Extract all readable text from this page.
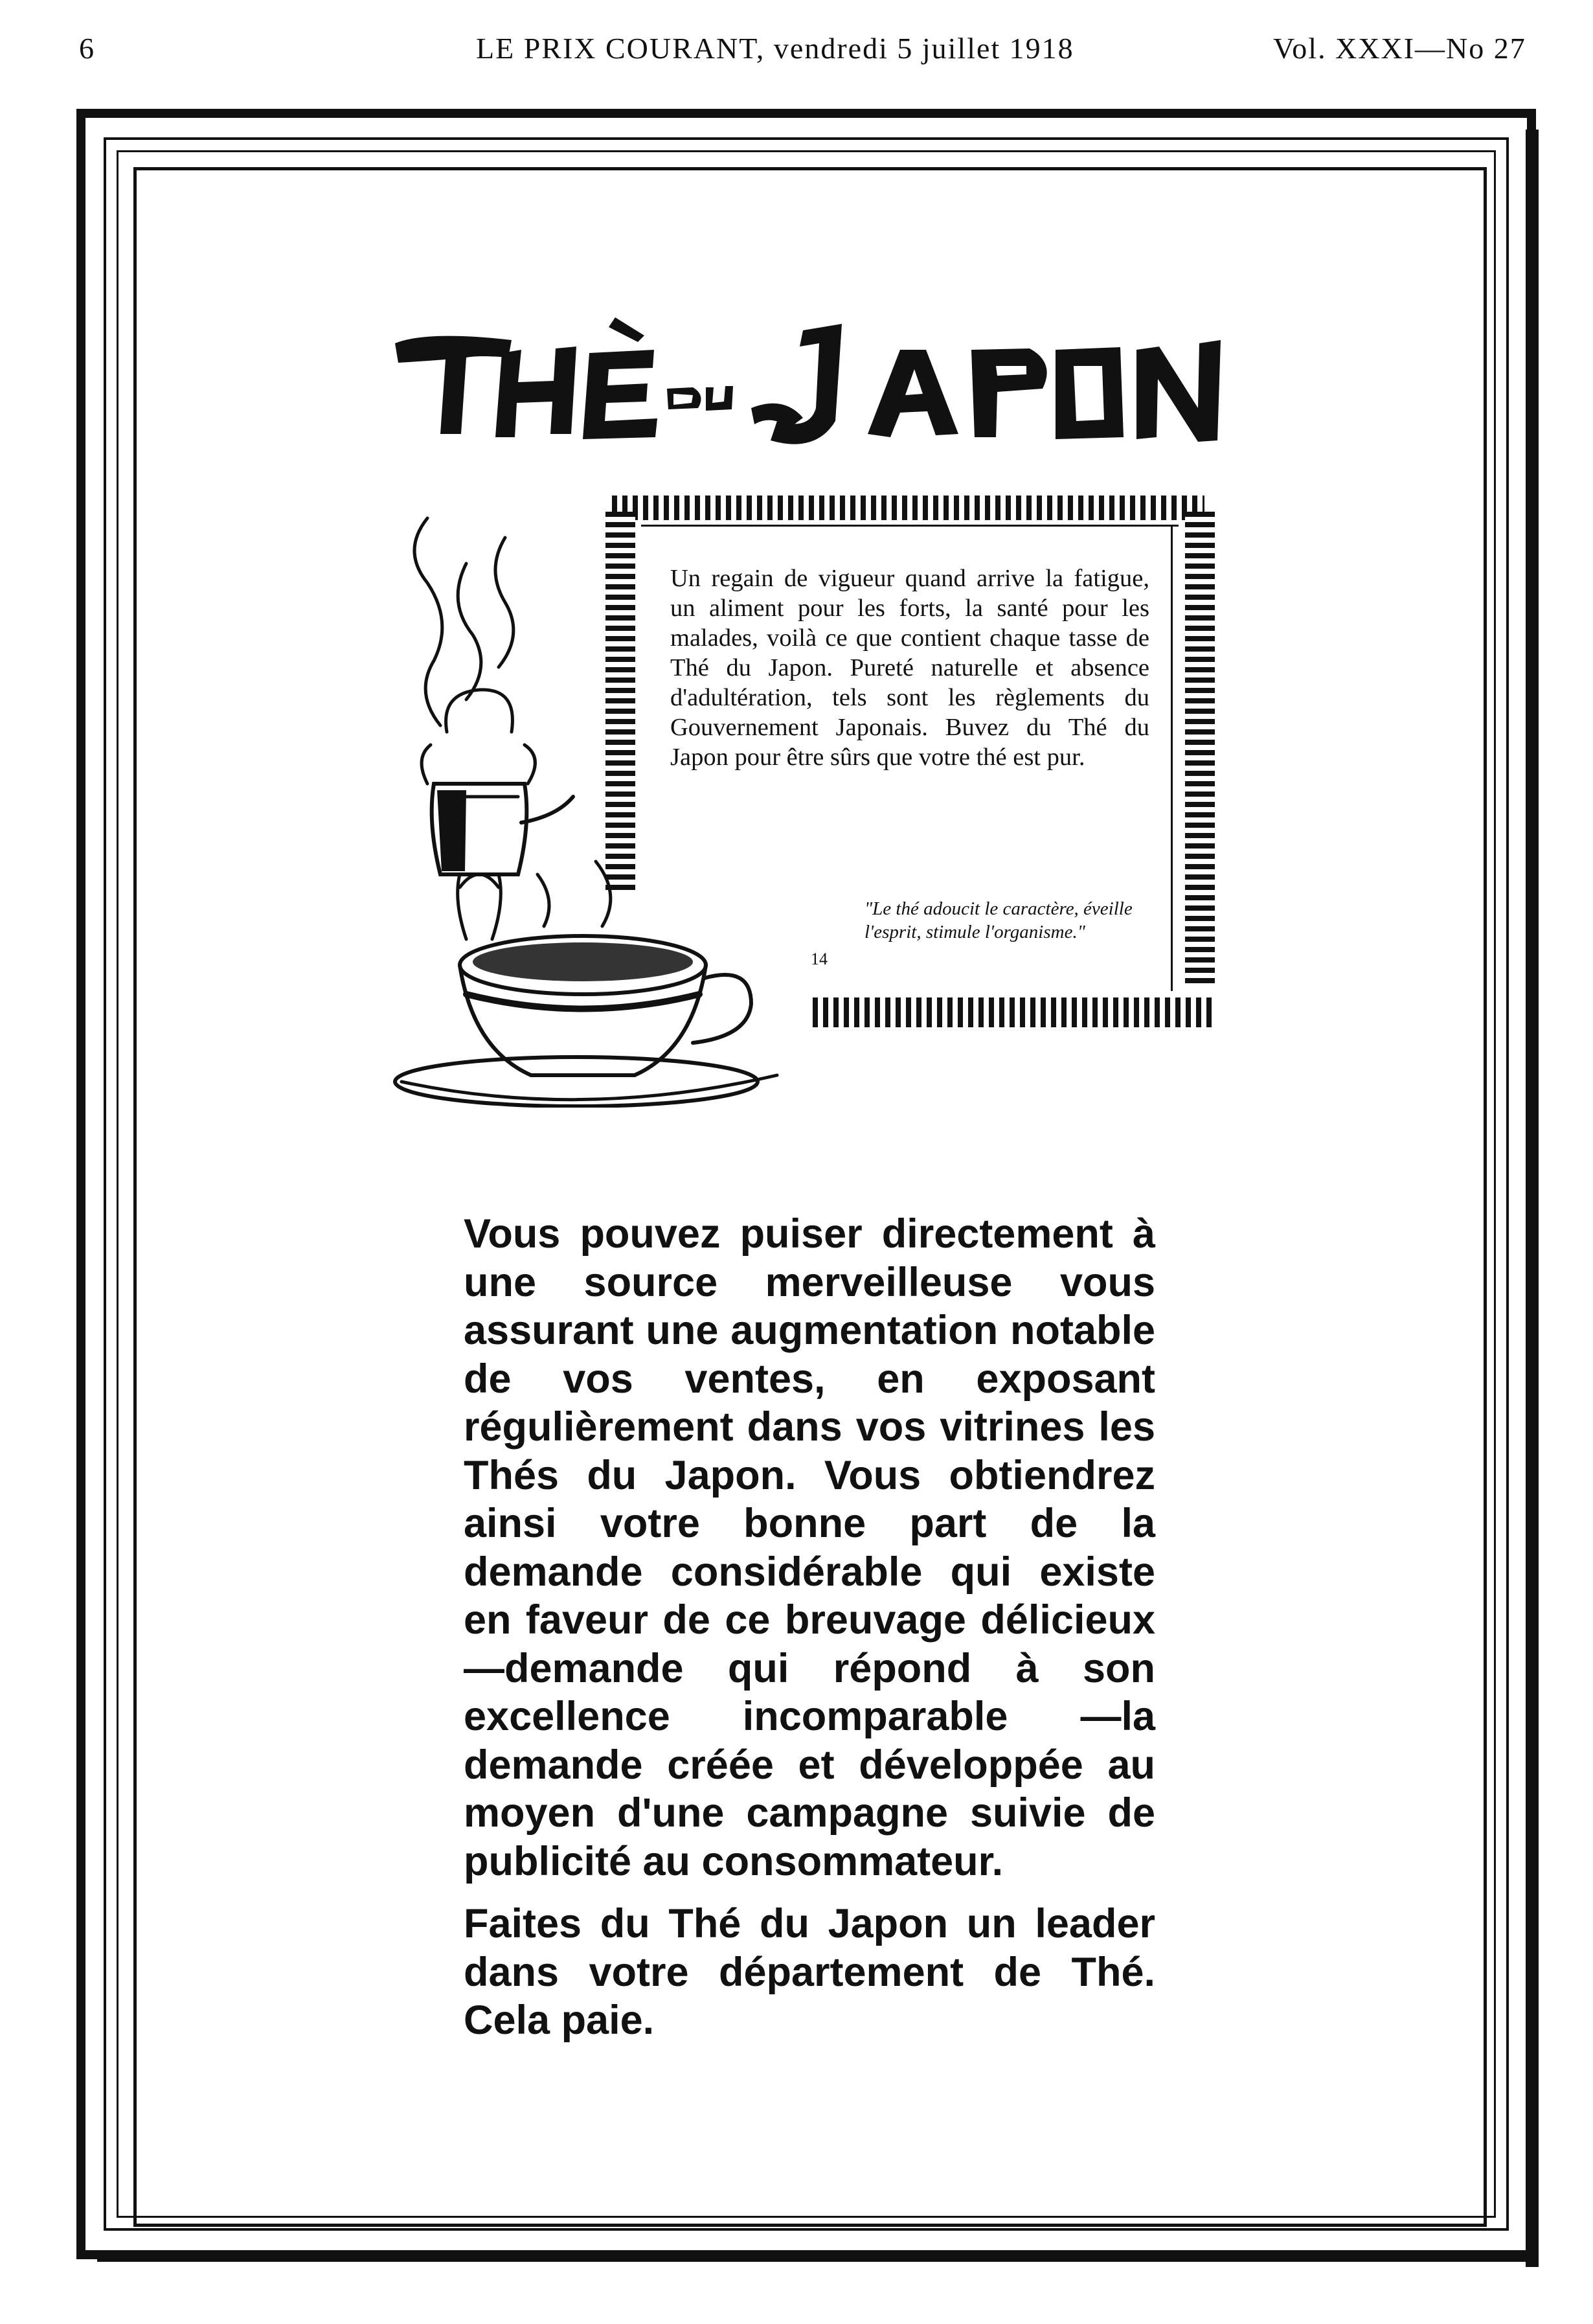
6	LE PRIX COURANT, vendredi 5 juillet 1918	Vol. XXXI—No 27
Un regain de vigueur quand arrive la fatigue, un aliment pour les forts, la santé pour les malades, voilà ce que contient chaque tasse de Thé du Japon. Pureté naturelle et absence d'adultération, tels sont les règlements du Gouvernement Japonais. Buvez du Thé du Japon pour être sûrs que votre thé est pur.
"Le thé adoucit le caractère, éveille l'esprit, stimule l'organisme."
14

Vous pouvez puiser directement à une source merveilleuse vous assurant une augmentation notable de vos ventes, en exposant régulièrement dans vos vitrines les Thés du Japon. Vous obtiendrez ainsi votre bonne part de la demande considérable qui existe en faveur de ce breuvage délicieux—demande qui répond à son excellence incomparable —la demande créée et développée au moyen d'une campagne suivie de publicité au consommateur.

Faites du Thé du Japon un leader dans votre département de Thé. Cela paie.
